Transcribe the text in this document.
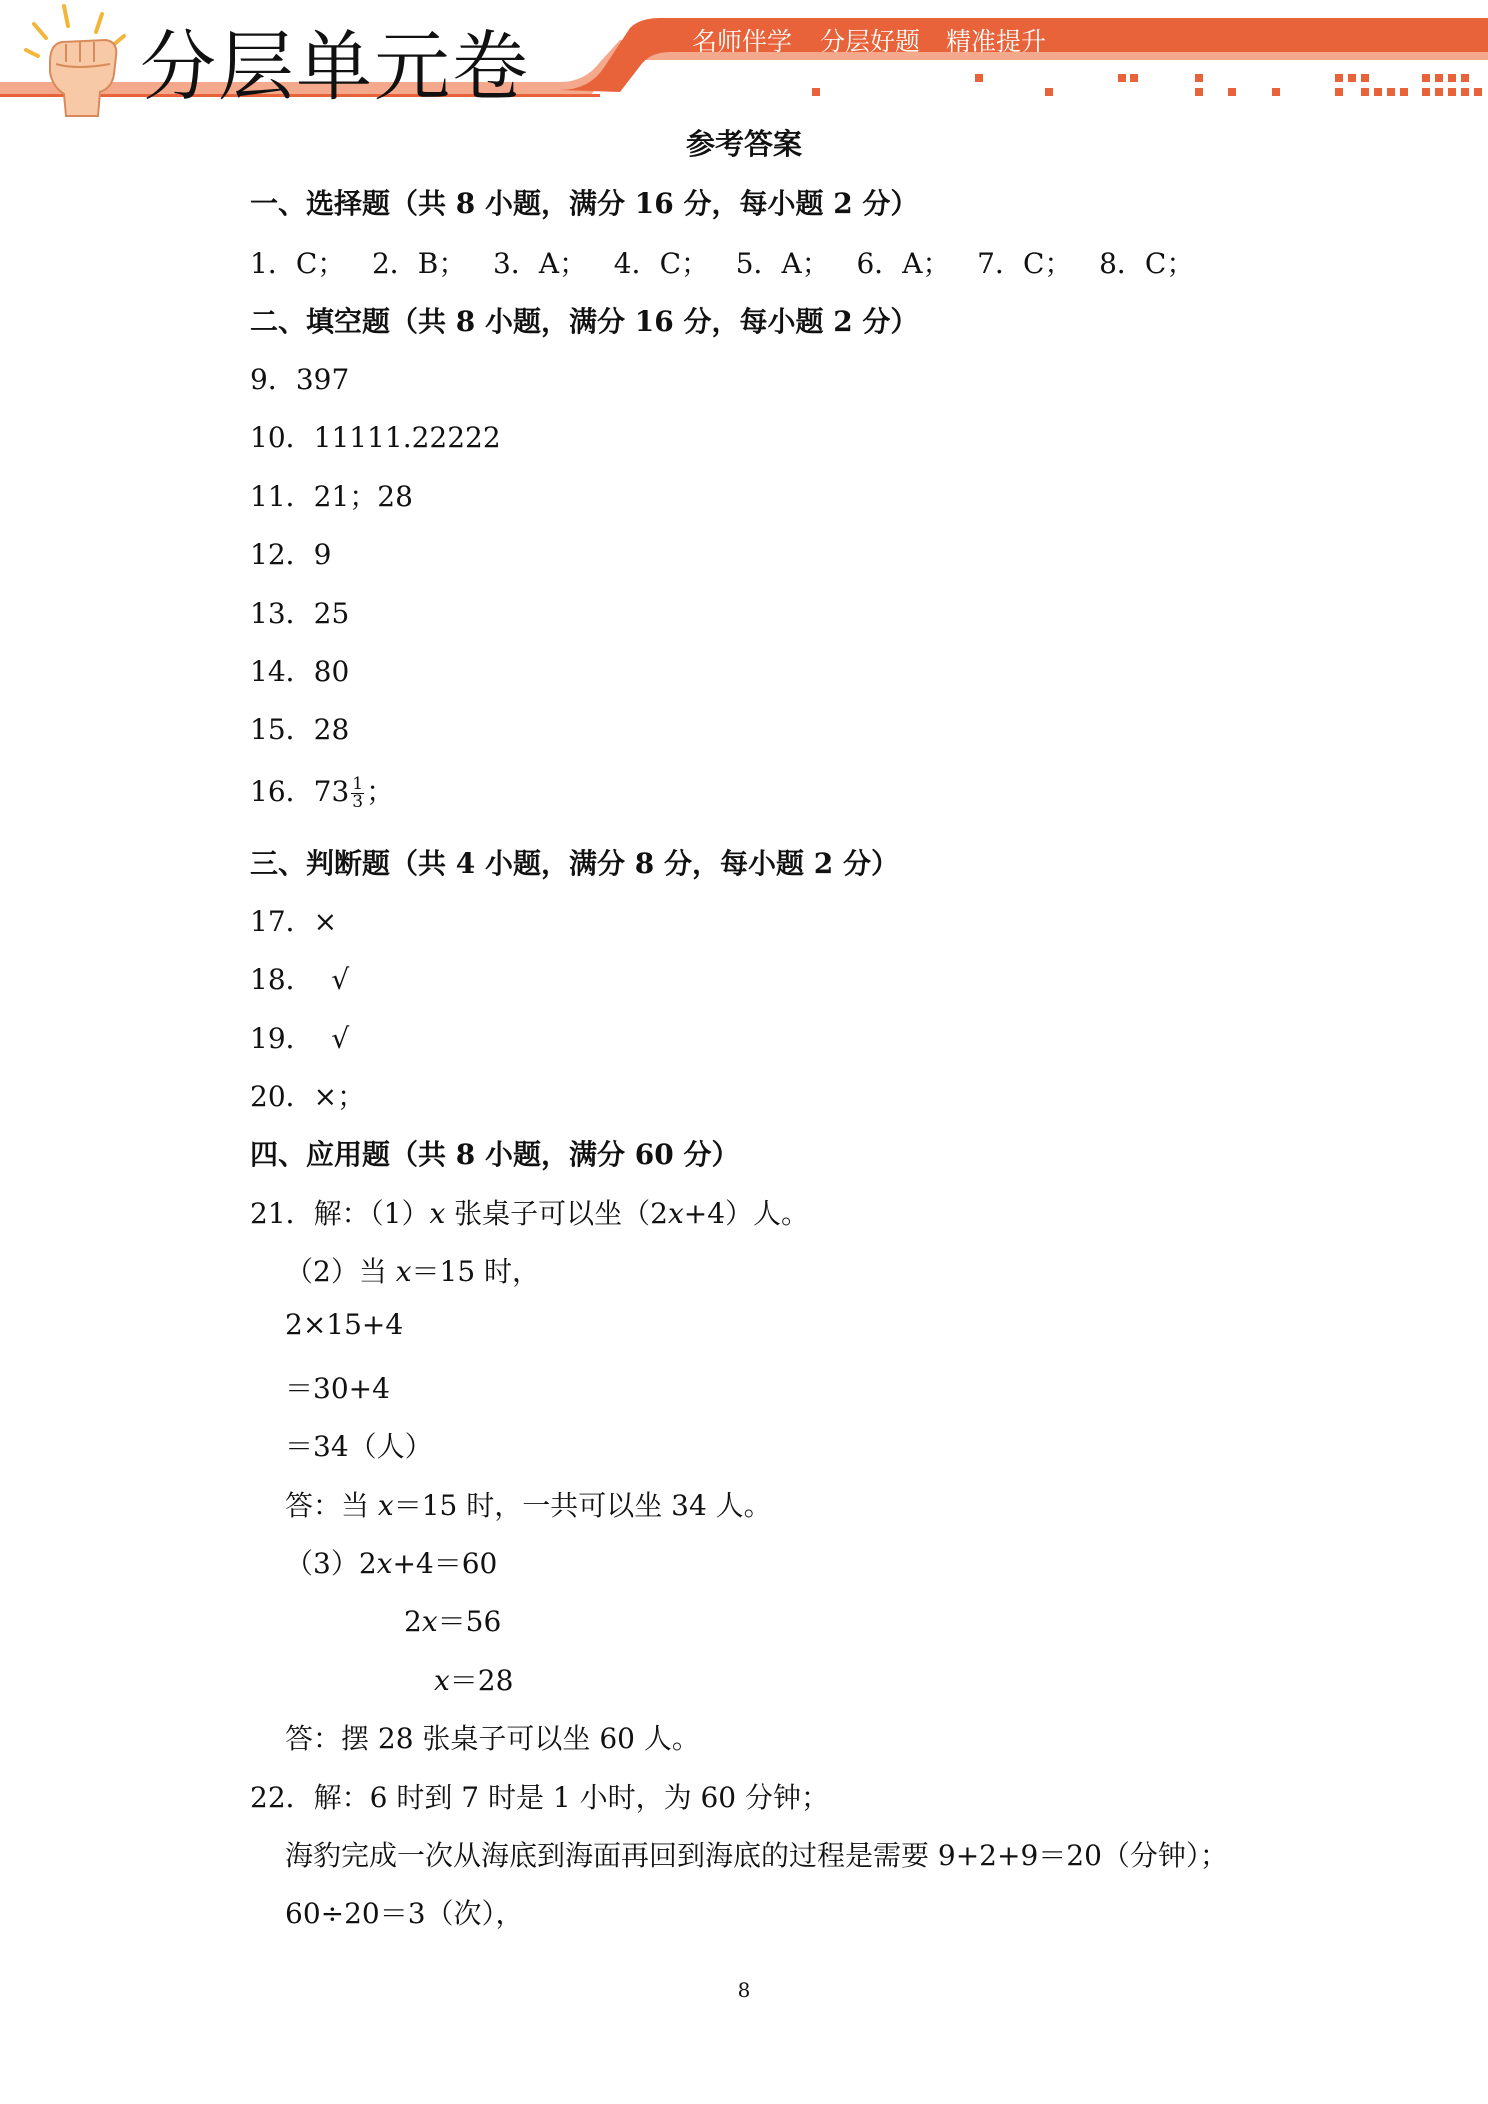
分层单元卷	名师伴学 分层好题 精准提升
参考答案
一、选择题（共 8 小题，满分 16 分，每小题 2 分）
1．C；   2．B；   3．A；   4．C；   5．A；   6．A；   7．C；   8．C；
二、填空题（共 8 小题，满分 16 分，每小题 2 分）
9．397
10．11111.22222
11．21；28
12．9
13．25
14．80
15．28
16．$73 \frac{1}{3}$ ；
三、判断题（共 4 小题，满分 8 分，每小题 2 分）
17．×
18．  √
19．  √
20．×；
四、应用题（共 8 小题，满分 60 分）
21．解：（1）x 张桌子可以坐（2x+4）人。
（2）当 x＝15 时，
2×15+4
＝30+4
＝34（人）
答：当 x＝15 时，一共可以坐 34 人。
（3）2x+4＝60
2x＝56
x＝28
答：摆 28 张桌子可以坐 60 人。
22．解：6 时到 7 时是 1 小时，为 60 分钟；
海豹完成一次从海底到海面再回到海底的过程是需要 9+2+9＝20（分钟）；
60÷20＝3（次），
8
